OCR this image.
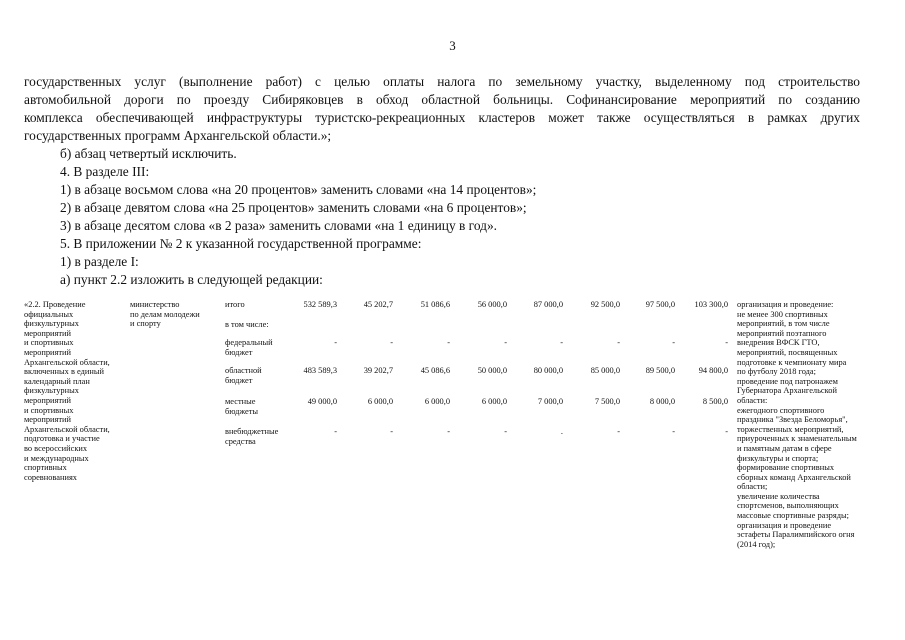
3
государственных услуг (выполнение работ) с целью оплаты налога по земельному участку, выделенному под строительство
автомобильной дороги по проезду Сибиряковцев в обход областной больницы. Софинансирование мероприятий по созданию
комплекса обеспечивающей инфраструктуры туристско-рекреационных кластеров может также осуществляться в рамках других
государственных программ Архангельской области.»;
б) абзац четвертый исключить.
4. В разделе III:
1) в абзаце восьмом слова «на 20 процентов» заменить словами «на 14 процентов»;
2) в абзаце девятом слова «на 25 процентов» заменить словами «на 6 процентов»;
3) в абзаце десятом слова «в 2 раза» заменить словами «на 1 единицу в год».
5. В приложении № 2 к указанной государственной программе:
1) в разделе I:
а) пункт 2.2 изложить в следующей редакции:
«2.2. Проведение
официальных
физкультурных
мероприятий
и спортивных
мероприятий
Архангельской области,
включенных в единый
календарный план
физкультурных
мероприятий
и спортивных
мероприятий
Архангельской области,
подготовка и участие
во всероссийских
и международных
спортивных
соревнованиях
министерство
по делам молодежи
и спорту
итого	532 589,3	45 202,7	51 086,6	56 000,0	87 000,0	92 500,0	97 500,0	103 300,0
в том числе:
федеральный
бюджет
-	-	-	-	-	-	-	-
областной
бюджет
483 589,3	39 202,7	45 086,6	50 000,0	80 000,0	85 000,0	89 500,0	94 800,0
местные
бюджеты
49 000,0	6 000,0	6 000,0	6 000,0	7 000,0	7 500,0	8 000,0	8 500,0
внебюджетные
средства
-	-	-	-	.	-	-	-
организация и проведение:
не менее 300 спортивных
мероприятий, в том числе
мероприятий поэтапного
внедрения ВФСК ГТО,
мероприятий, посвященных
подготовке к чемпионату мира
по футболу 2018 года;
проведение под патронажем
Губернатора Архангельской
области:
ежегодного спортивного
праздника "Звезда Беломорья",
торжественных мероприятий,
приуроченных к знаменательным
и памятным датам в сфере
физкультуры и спорта;
формирование спортивных
сборных команд Архангельской
области;
увеличение количества
спортсменов, выполняющих
массовые спортивные разряды;
организация и проведение
эстафеты Паралимпийского огня
(2014 год);
